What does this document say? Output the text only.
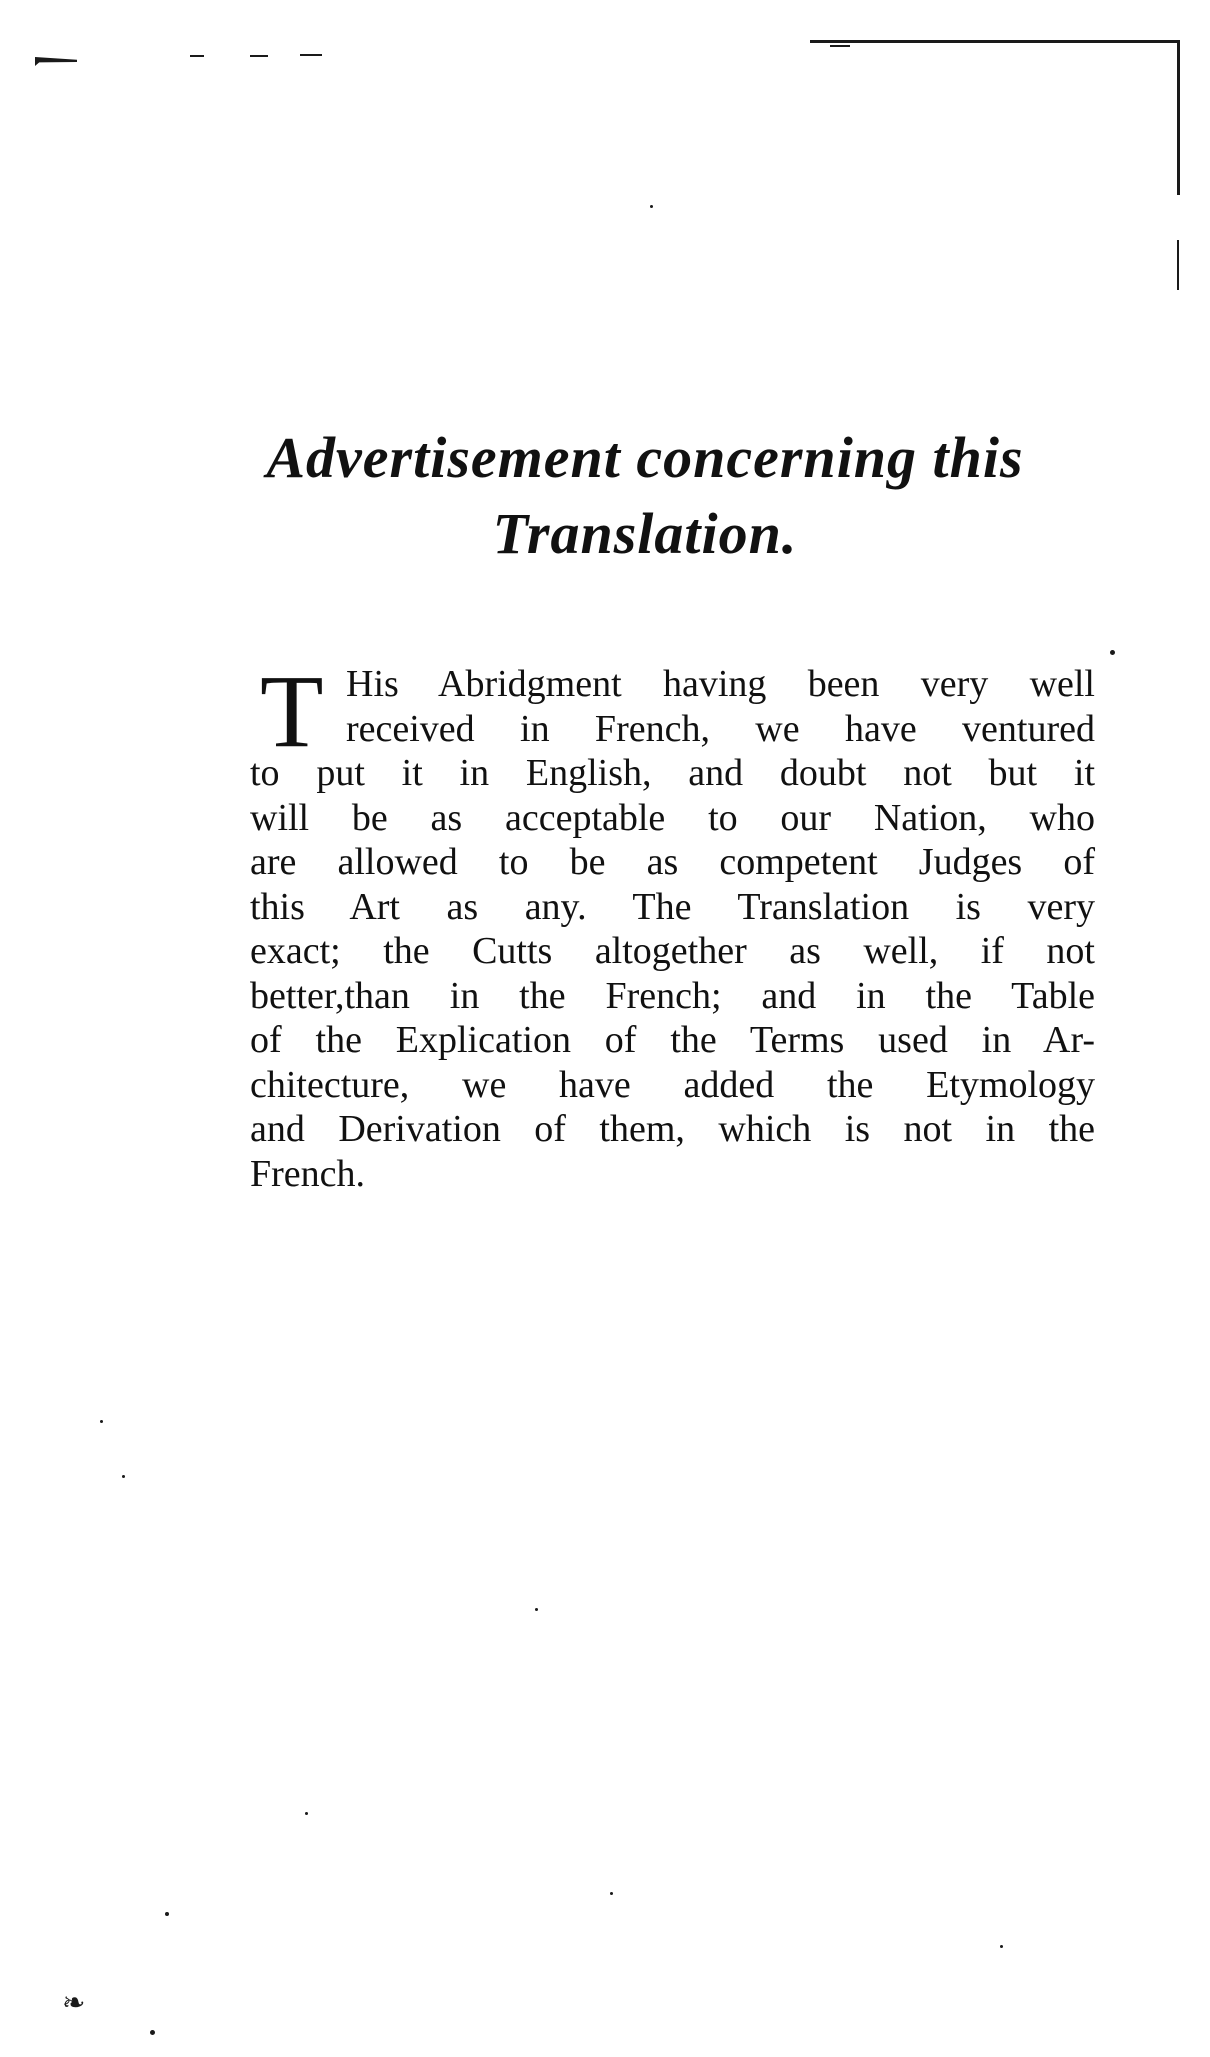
❧
Advertisement concerning this
Translation.
T His Abridgment having been very well
received in French, we have ventured
to put it in English, and doubt not but it
will be as acceptable to our Nation, who
are allowed to be as competent Judges of
this Art as any. The Translation is very
exact; the Cutts altogether as well, if not
better,than in the French; and in the Table
of the Explication of the Terms used in Ar-
chitecture, we have added the Etymology
and Derivation of them, which is not in the
French.
